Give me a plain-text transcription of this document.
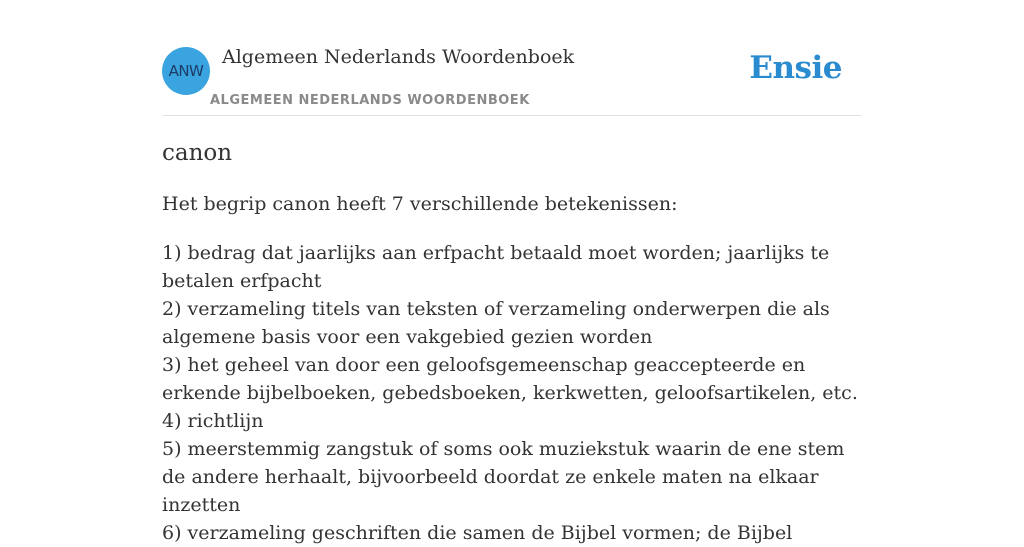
ANW
Algemeen Nederlands Woordenboek
ALGEMEEN NEDERLANDS WOORDENBOEK
Ensie
canon
Het begrip canon heeft 7 verschillende betekenissen:
1) bedrag dat jaarlijks aan erfpacht betaald moet worden; jaarlijks te betalen erfpacht
2) verzameling titels van teksten of verzameling onderwerpen die als algemene basis voor een vakgebied gezien worden
3) het geheel van door een geloofsgemeenschap geaccepteerde en erkende bijbelboeken, gebedsboeken, kerkwetten, geloofsartikelen, etc.
4) richtlijn
5) meerstemmig zangstuk of soms ook muziekstuk waarin de ene stem de andere herhaalt, bijvoorbeeld doordat ze enkele maten na elkaar inzetten
6) verzameling geschriften die samen de Bijbel vormen; de Bijbel
